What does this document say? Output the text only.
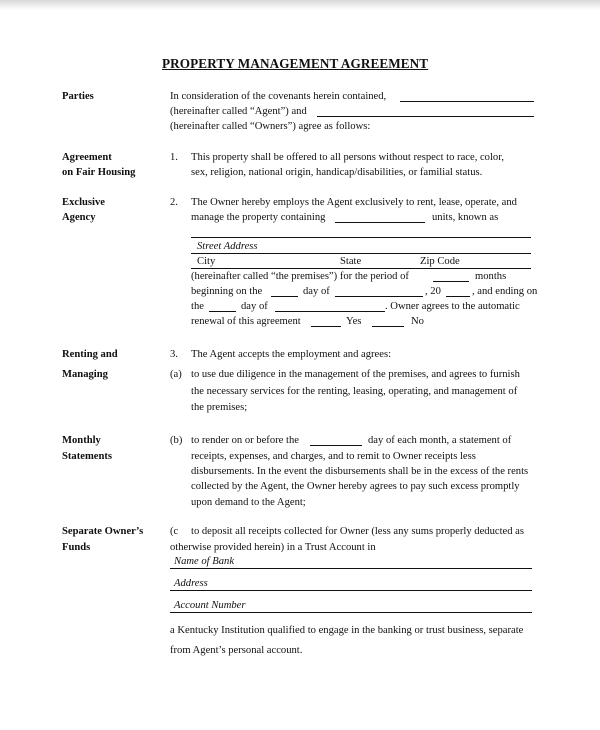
PROPERTY MANAGEMENT AGREEMENT
Parties	In consideration of the covenants herein contained,
(hereinafter called “Agent”) and
(hereinafter called “Owners”) agree as follows:
Agreement
on Fair Housing
1. This property shall be offered to all persons without respect to race, color,
sex, religion, national origin, handicap/disabilities, or familial status.
Exclusive
Agency
2. The Owner hereby employs the Agent exclusively to rent, lease, operate, and
manage the property containing	units, known as
Street Address
City	State	Zip Code
(hereinafter called “the premises”) for the period of	months
beginning on the	day of	, 20	, and ending on
the	day of	. Owner agrees to the automatic
renewal of this agreement	Yes	No
Renting and
Managing
3. The Agent accepts the employment and agrees:
(a) to use due diligence in the management of the premises, and agrees to furnish
the necessary services for the renting, leasing, operating, and management of
the premises;
Monthly
Statements
(b) to render on or before the	day of each month, a statement of
receipts, expenses, and charges, and to remit to Owner receipts less
disbursements. In the event the disbursements shall be in the excess of the rents
collected by the Agent, the Owner hereby agrees to pay such excess promptly
upon demand to the Agent;
Separate Owner’s
Funds
(c to deposit all receipts collected for Owner (less any sums properly deducted as
otherwise provided herein) in a Trust Account in
Name of Bank
Address
Account Number
a Kentucky Institution qualified to engage in the banking or trust business, separate
from Agent’s personal account.
